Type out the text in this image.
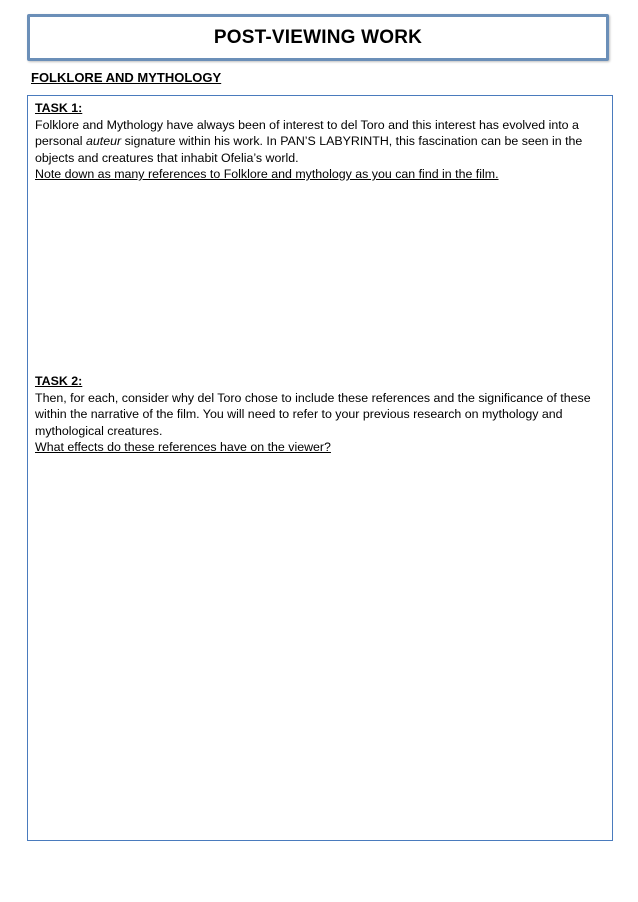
POST-VIEWING WORK
FOLKLORE AND MYTHOLOGY
TASK 1:
Folklore and Mythology have always been of interest to del Toro and this interest has evolved into a personal auteur signature within his work. In PAN’S LABYRINTH, this fascination can be seen in the objects and creatures that inhabit Ofelia’s world.
Note down as many references to Folklore and mythology as you can find in the film.
TASK 2:
Then, for each, consider why del Toro chose to include these references and the significance of these within the narrative of the film. You will need to refer to your previous research on mythology and mythological creatures.
What effects do these references have on the viewer?
